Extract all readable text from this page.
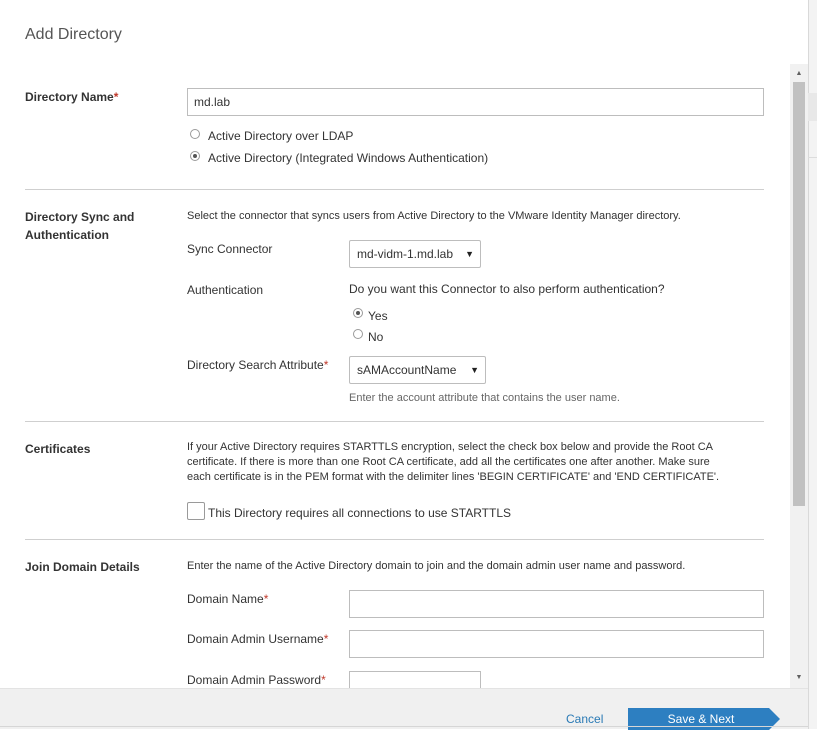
Add Directory
Directory Name*	md.lab
Active Directory over LDAP
Active Directory (Integrated Windows Authentication)
Directory Sync and
Authentication
Select the connector that syncs users from Active Directory to the VMware Identity Manager directory.
Sync Connector	md-vidm-1.md.lab ▼
Authentication	Do you want this Connector to also perform authentication?
Yes
No
Directory Search Attribute*	sAMAccountName ▼
Enter the account attribute that contains the user name.
Certificates	If your Active Directory requires STARTTLS encryption, select the check box below and provide the Root CA
certificate. If there is more than one Root CA certificate, add all the certificates one after another. Make sure
each certificate is in the PEM format with the delimiter lines 'BEGIN CERTIFICATE' and 'END CERTIFICATE'.
This Directory requires all connections to use STARTTLS
Join Domain Details	Enter the name of the Active Directory domain to join and the domain admin user name and password.
Domain Name*
Domain Admin Username*
Domain Admin Password*
▲
▼
Cancel	Save & Next
